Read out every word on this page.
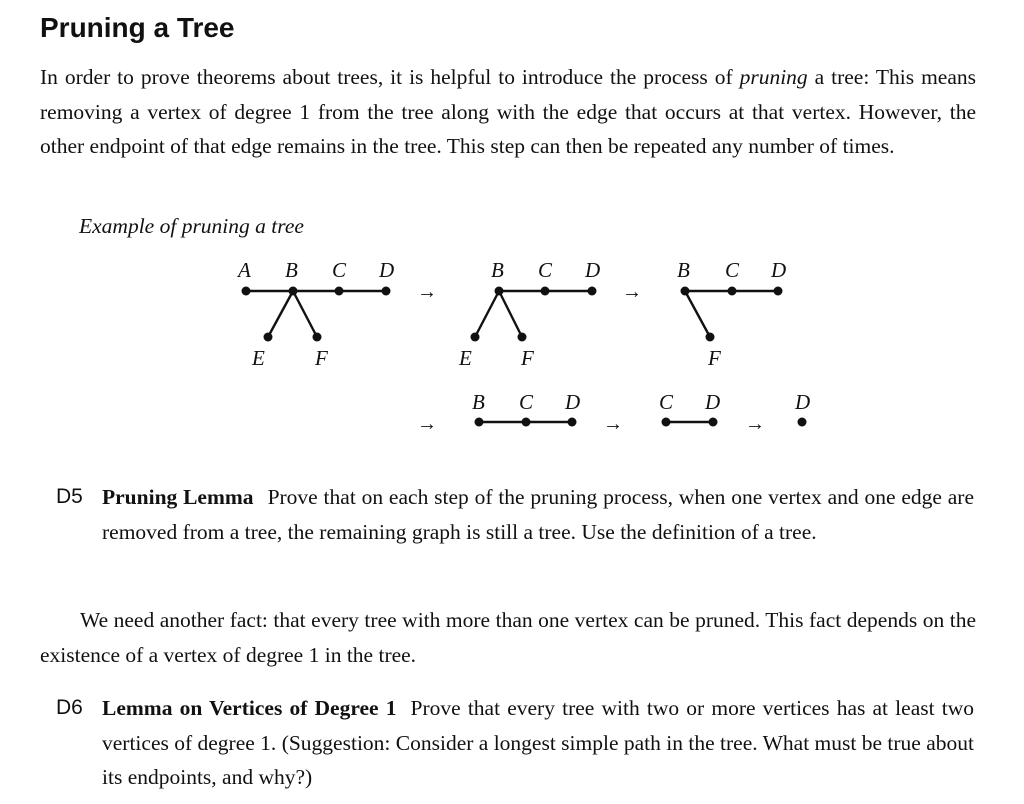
Pruning a Tree

In order to prove theorems about trees, it is helpful to introduce the process of pruning a tree: This means removing a vertex of degree 1 from the tree along with the edge that occurs at that vertex. However, the other endpoint of that edge remains in the tree. This step can then be repeated any number of times.

Example of pruning a tree
A B C D
E F
B C D
E F
B C D
F
B C D	C D	D
→	→
→	→	→
D5 Pruning Lemma Prove that on each step of the pruning process, when one vertex and one edge are removed from a tree, the remaining graph is still a tree. Use the definition of a tree.

We need another fact: that every tree with more than one vertex can be pruned. This fact depends on the existence of a vertex of degree 1 in the tree.

D6 Lemma on Vertices of Degree 1 Prove that every tree with two or more vertices has at least two vertices of degree 1. (Suggestion: Consider a longest simple path in the tree. What must be true about its endpoints, and why?)
